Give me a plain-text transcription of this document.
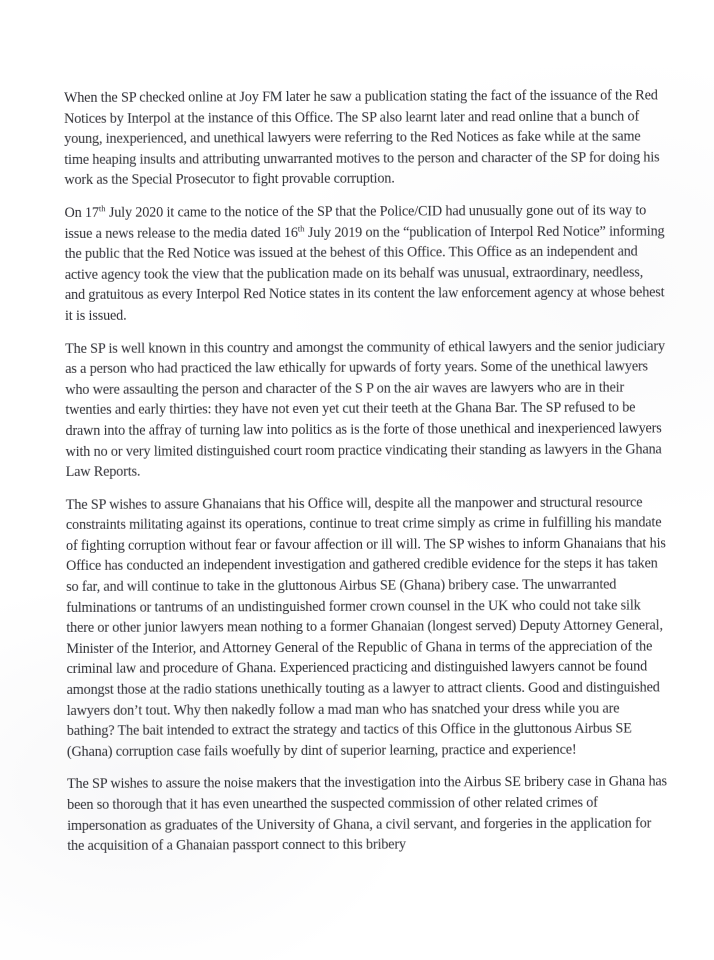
When the SP checked online at Joy FM later he saw a publication stating the fact of the issuance of the Red Notices by Interpol at the instance of this Office. The SP also learnt later and read online that a bunch of young, inexperienced, and unethical lawyers were referring to the Red Notices as fake while at the same time heaping insults and attributing unwarranted motives to the person and character of the SP for doing his work as the Special Prosecutor to fight provable corruption.

On 17th July 2020 it came to the notice of the SP that the Police/CID had unusually gone out of its way to issue a news release to the media dated 16th July 2019 on the “publication of Interpol Red Notice” informing the public that the Red Notice was issued at the behest of this Office. This Office as an independent and active agency took the view that the publication made on its behalf was unusual, extraordinary, needless, and gratuitous as every Interpol Red Notice states in its content the law enforcement agency at whose behest it is issued.

The SP is well known in this country and amongst the community of ethical lawyers and the senior judiciary as a person who had practiced the law ethically for upwards of forty years. Some of the unethical lawyers who were assaulting the person and character of the S P on the air waves are lawyers who are in their twenties and early thirties: they have not even yet cut their teeth at the Ghana Bar. The SP refused to be drawn into the affray of turning law into politics as is the forte of those unethical and inexperienced lawyers with no or very limited distinguished court room practice vindicating their standing as lawyers in the Ghana Law Reports.

The SP wishes to assure Ghanaians that his Office will, despite all the manpower and structural resource constraints militating against its operations, continue to treat crime simply as crime in fulfilling his mandate of fighting corruption without fear or favour affection or ill will. The SP wishes to inform Ghanaians that his Office has conducted an independent investigation and gathered credible evidence for the steps it has taken so far, and will continue to take in the gluttonous Airbus SE (Ghana) bribery case. The unwarranted fulminations or tantrums of an undistinguished former crown counsel in the UK who could not take silk there or other junior lawyers mean nothing to a former Ghanaian (longest served) Deputy Attorney General, Minister of the Interior, and Attorney General of the Republic of Ghana in terms of the appreciation of the criminal law and procedure of Ghana. Experienced practicing and distinguished lawyers cannot be found amongst those at the radio stations unethically touting as a lawyer to attract clients. Good and distinguished lawyers don’t tout. Why then nakedly follow a mad man who has snatched your dress while you are bathing? The bait intended to extract the strategy and tactics of this Office in the gluttonous Airbus SE (Ghana) corruption case fails woefully by dint of superior learning, practice and experience!

The SP wishes to assure the noise makers that the investigation into the Airbus SE bribery case in Ghana has been so thorough that it has even unearthed the suspected commission of other related crimes of impersonation as graduates of the University of Ghana, a civil servant, and forgeries in the application for the acquisition of a Ghanaian passport connect to this bribery
